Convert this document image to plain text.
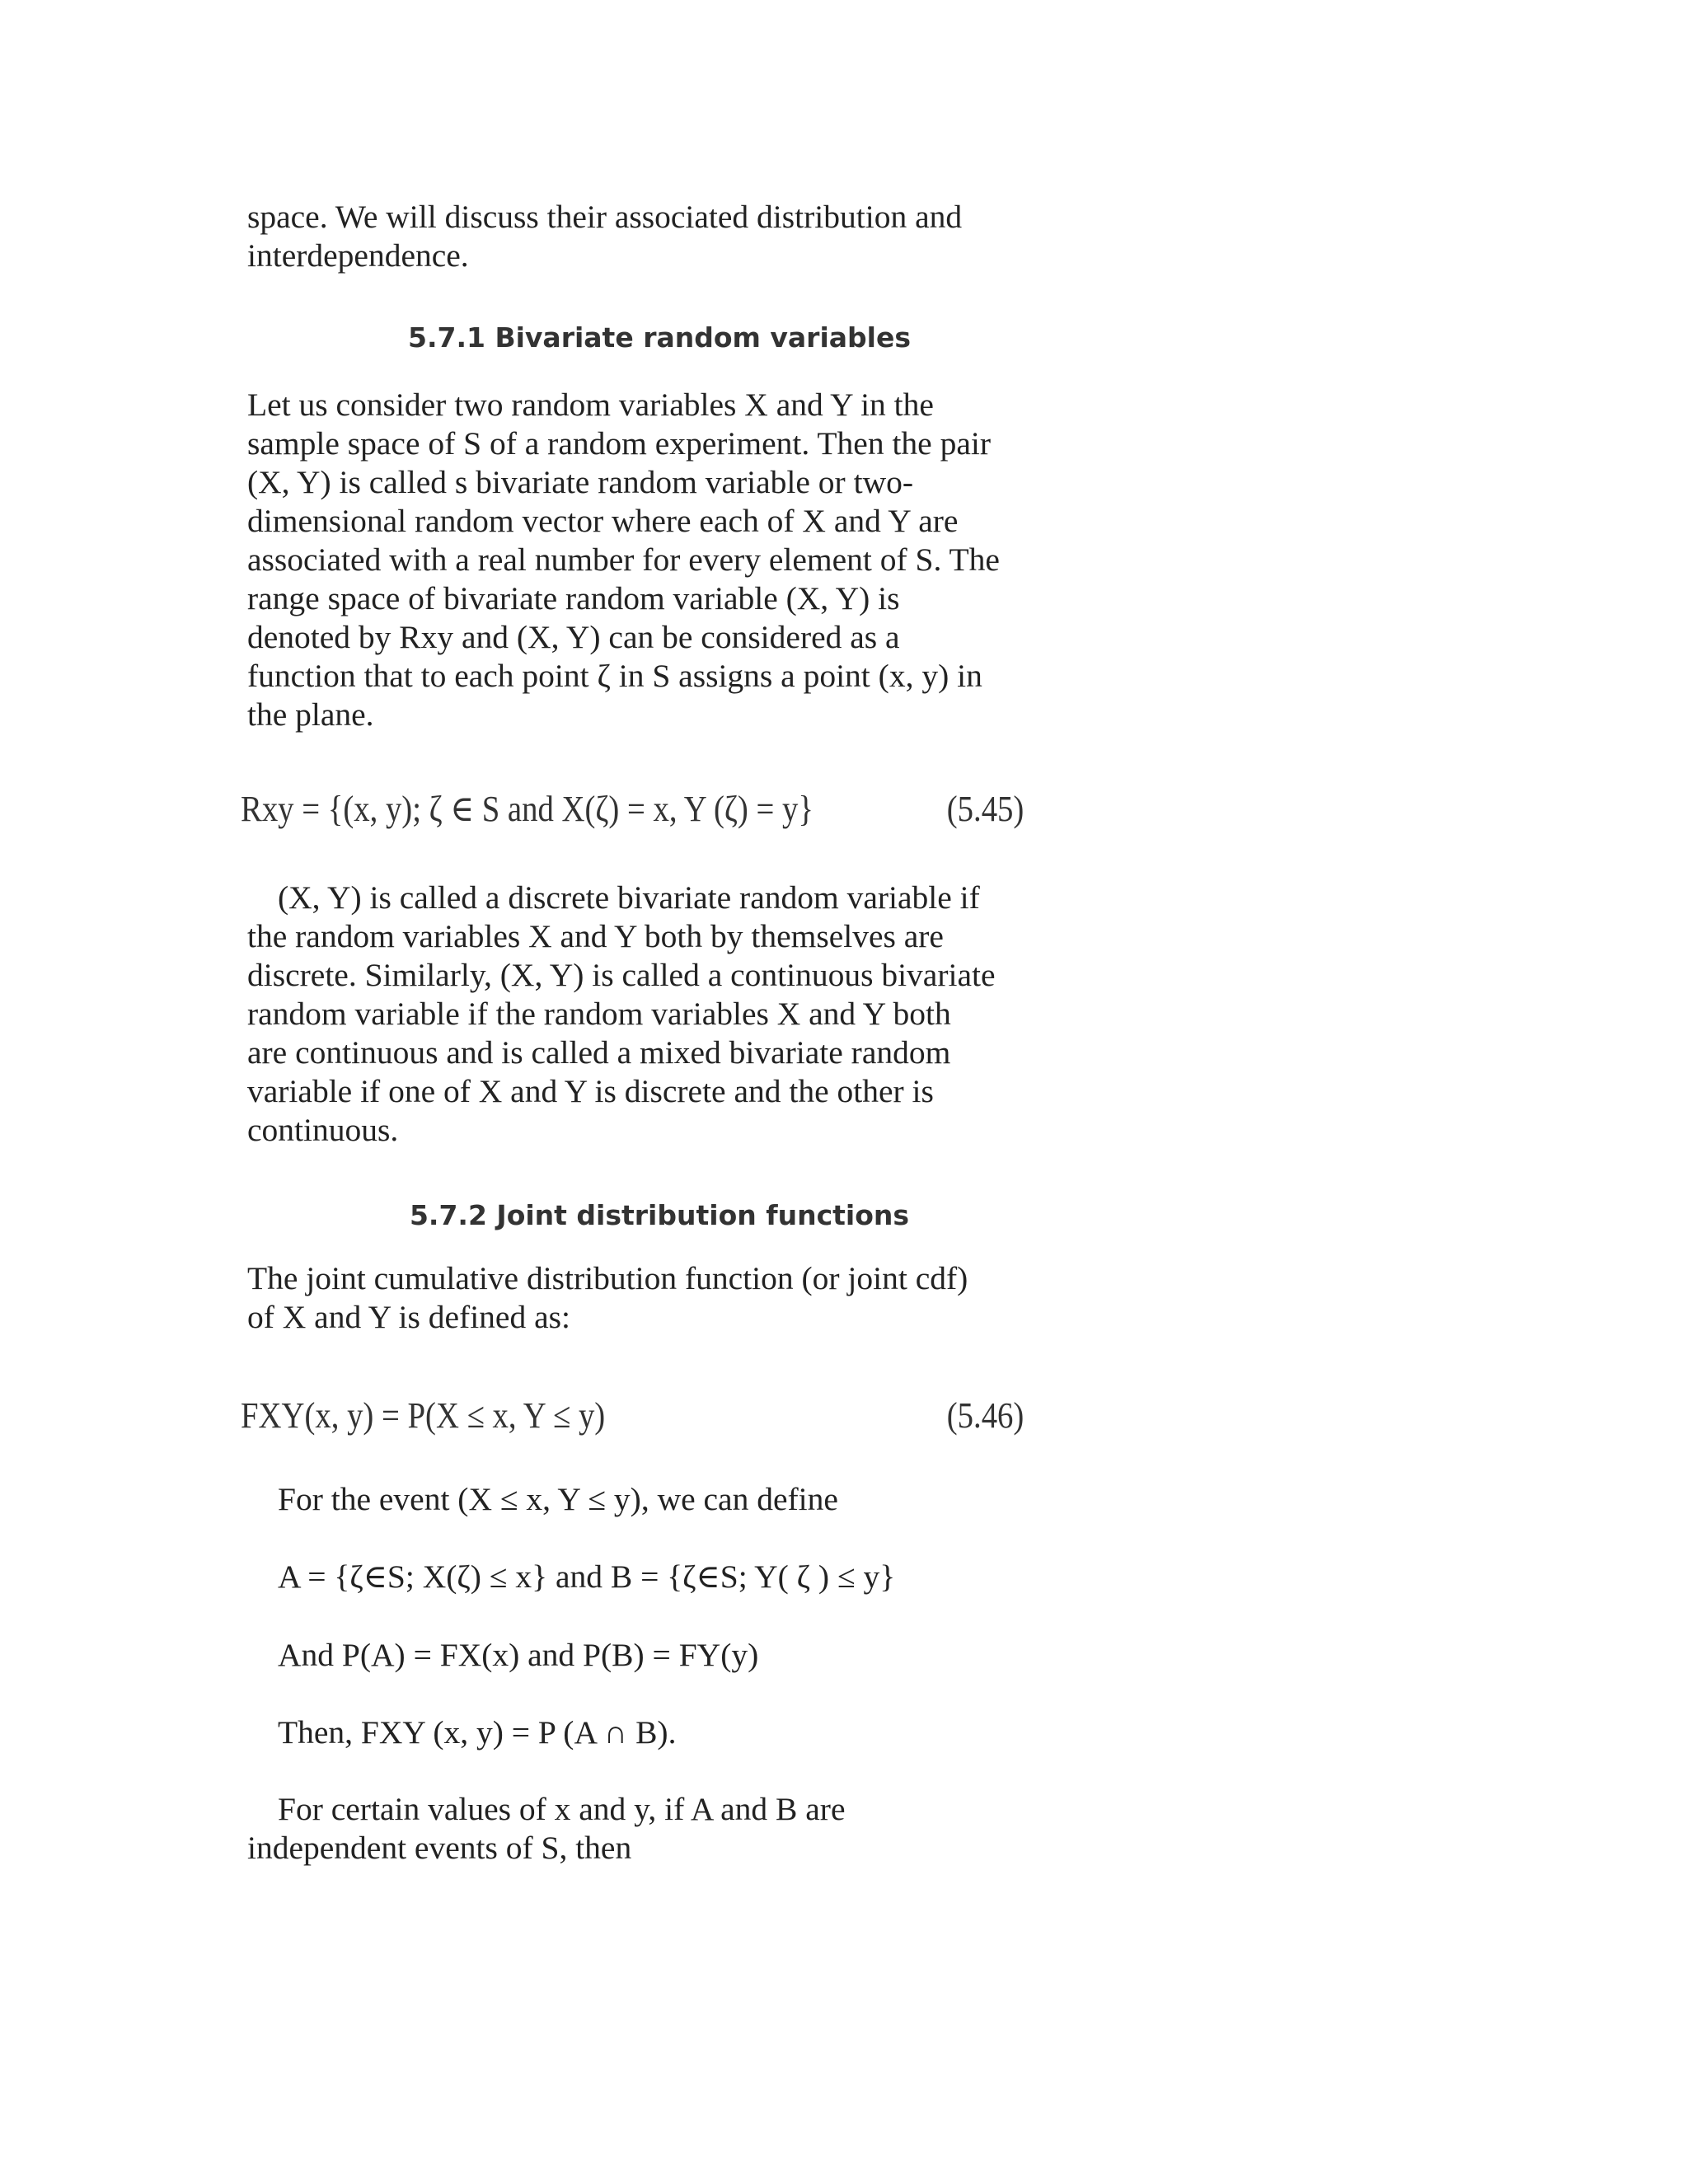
space. We will discuss their associated distribution and
interdependence.

5.7.1 Bivariate random variables

Let us consider two random variables X and Y in the
sample space of S of a random experiment. Then the pair
(X, Y) is called s bivariate random variable or two-
dimensional random vector where each of X and Y are
associated with a real number for every element of S. The
range space of bivariate random variable (X, Y) is
denoted by Rxy and (X, Y) can be considered as a
function that to each point ζ in S assigns a point (x, y) in
the plane.

Rxy = {(x, y); ζ ∈ S and X(ζ) = x, Y (ζ) = y}	(5.45)

(X, Y) is called a discrete bivariate random variable if
the random variables X and Y both by themselves are
discrete. Similarly, (X, Y) is called a continuous bivariate
random variable if the random variables X and Y both
are continuous and is called a mixed bivariate random
variable if one of X and Y is discrete and the other is
continuous.

5.7.2 Joint distribution functions

The joint cumulative distribution function (or joint cdf)
of X and Y is defined as:

FXY(x, y) = P(X ≤ x, Y ≤ y)	(5.46)

For the event (X ≤ x, Y ≤ y), we can define

A = {ζ∈S; X(ζ) ≤ x} and B = {ζ∈S; Y( ζ ) ≤ y}

And P(A) = FX(x) and P(B) = FY(y)

Then, FXY (x, y) = P (A ∩ B).

For certain values of x and y, if A and B are
independent events of S, then
